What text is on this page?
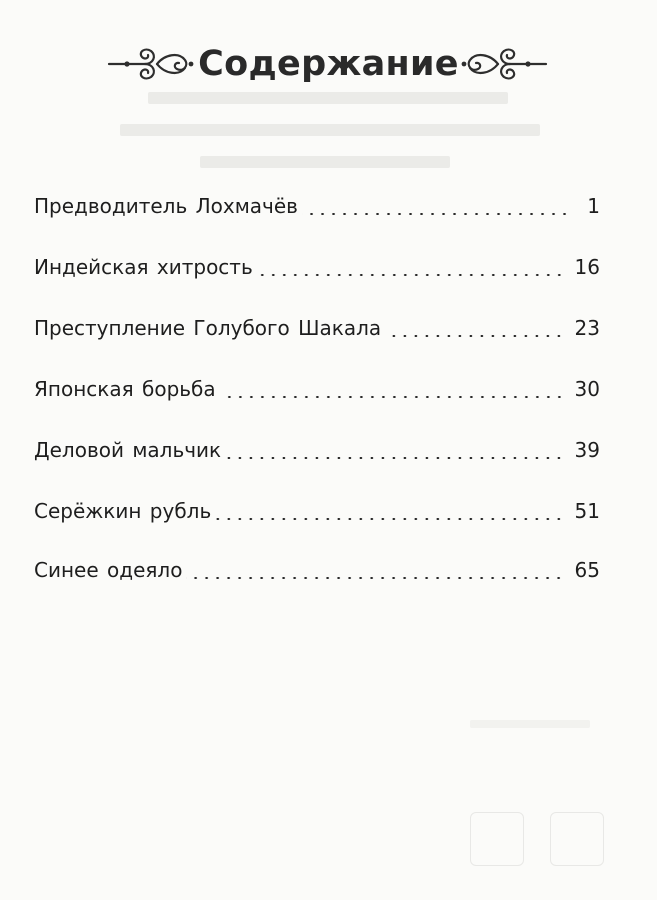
Содержание
Предводитель Лохмачёв	1
Индейская хитрость	16
Преступление Голубого Шакала	23
Японская борьба	30
Деловой мальчик	39
Серёжкин рубль	51
Синее одеяло	65
